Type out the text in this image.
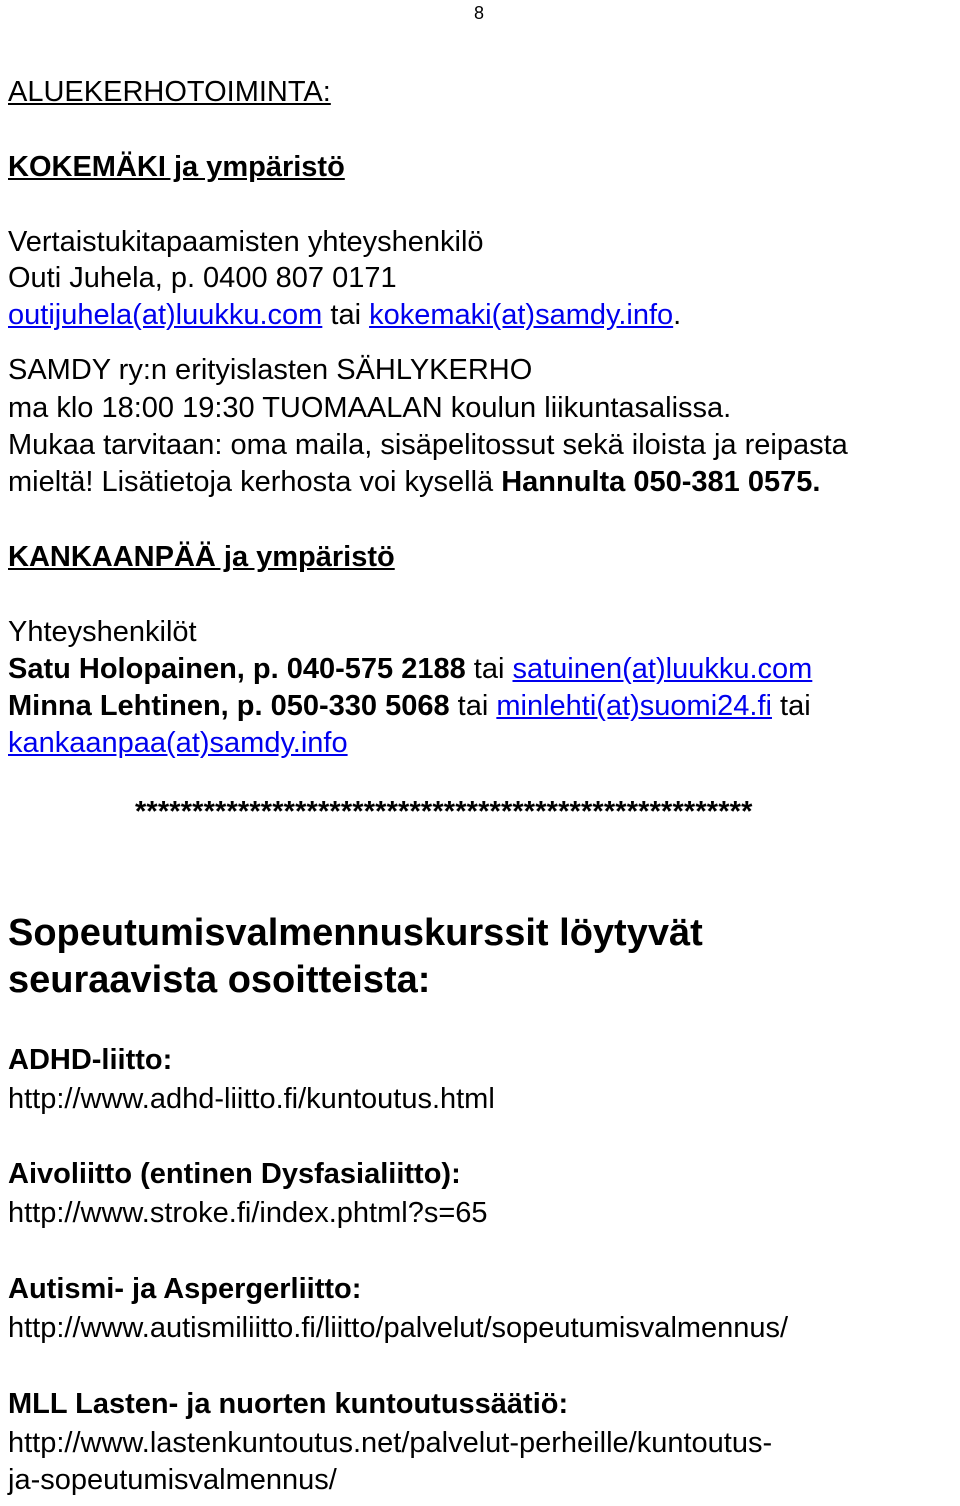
8
ALUEKERHOTOIMINTA:
KOKEMÄKI ja ympäristö
Vertaistukitapaamisten yhteyshenkilö
Outi Juhela, p. 0400 807 0171
outijuhela(at)luukku.com tai kokemaki(at)samdy.info.
SAMDY ry:n erityislasten SÄHLYKERHO
ma klo 18:00 19:30 TUOMAALAN koulun liikuntasalissa.
Mukaa tarvitaan: oma maila, sisäpelitossut sekä iloista ja reipasta
mieltä! Lisätietoja kerhosta voi kysellä Hannulta 050-381 0575.
KANKAANPÄÄ ja ympäristö
Yhteyshenkilöt
Satu Holopainen, p. 040-575 2188 tai satuinen(at)luukku.com
Minna Lehtinen, p. 050-330 5068 tai minlehti(at)suomi24.fi tai
kankaanpaa(at)samdy.info
******************************************************
Sopeutumisvalmennuskurssit löytyvät
seuraavista osoitteista:
ADHD-liitto:
http://www.adhd-liitto.fi/kuntoutus.html
Aivoliitto (entinen Dysfasialiitto):
http://www.stroke.fi/index.phtml?s=65
Autismi- ja Aspergerliitto:
http://www.autismiliitto.fi/liitto/palvelut/sopeutumisvalmennus/
MLL Lasten- ja nuorten kuntoutussäätiö:
http://www.lastenkuntoutus.net/palvelut-perheille/kuntoutus-
ja-sopeutumisvalmennus/
